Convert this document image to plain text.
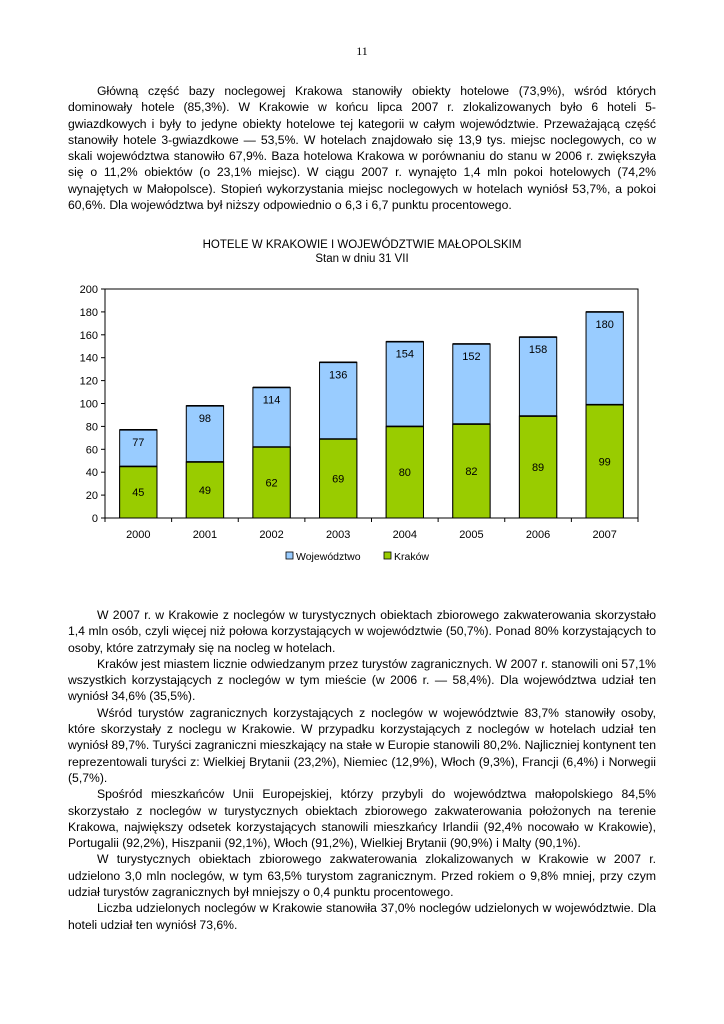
11

Główną część bazy noclegowej Krakowa stanowiły obiekty hotelowe (73,9%), wśród których dominowały hotele (85,3%). W Krakowie w końcu lipca 2007 r. zlokalizowanych było 6 hoteli 5-gwiazdkowych i były to jedyne obiekty hotelowe tej kategorii w całym województwie. Przeważającą część stanowiły hotele 3-gwiazdkowe — 53,5%. W hotelach znajdowało się 13,9 tys. miejsc noclegowych, co w skali województwa stanowiło 67,9%. Baza hotelowa Krakowa w porównaniu do stanu w 2006 r. zwiększyła się o 11,2% obiektów (o 23,1% miejsc). W ciągu 2007 r. wynajęto 1,4 mln pokoi hotelowych (74,2% wynajętych w Małopolsce). Stopień wykorzystania miejsc noclegowych w hotelach wyniósł 53,7%, a pokoi 60,6%. Dla województwa był niższy odpowiednio o 6,3 i 6,7 punktu procentowego.

HOTELE W KRAKOWIE I WOJEWÓDZTWIE MAŁOPOLSKIM
Stan w dniu 31 VII
0
20
40
60
80
100
120
140
160
180
200
77
45
2000
98
49
2001
114
62
2002
136
69
2003
154
80
2004
152
82
2005
158
89
2006
180
99
2007
Województwo	Kraków

W 2007 r. w Krakowie z noclegów w turystycznych obiektach zbiorowego zakwaterowania skorzystało 1,4 mln osób, czyli więcej niż połowa korzystających w województwie (50,7%). Ponad 80% korzystających to osoby, które zatrzymały się na nocleg w hotelach.

Kraków jest miastem licznie odwiedzanym przez turystów zagranicznych. W 2007 r. stanowili oni 57,1% wszystkich korzystających z noclegów w tym mieście (w 2006 r. — 58,4%). Dla województwa udział ten wyniósł 34,6% (35,5%).

Wśród turystów zagranicznych korzystających z noclegów w województwie 83,7% stanowiły osoby, które skorzystały z noclegu w Krakowie. W przypadku korzystających z noclegów w hotelach udział ten wyniósł 89,7%. Turyści zagraniczni mieszkający na stałe w Europie stanowili 80,2%. Najliczniej kontynent ten reprezentowali turyści z: Wielkiej Brytanii (23,2%), Niemiec (12,9%), Włoch (9,3%), Francji (6,4%) i Norwegii (5,7%).

Spośród mieszkańców Unii Europejskiej, którzy przybyli do województwa małopolskiego 84,5% skorzystało z noclegów w turystycznych obiektach zbiorowego zakwaterowania położonych na terenie Krakowa, największy odsetek korzystających stanowili mieszkańcy Irlandii (92,4% nocowało w Krakowie), Portugalii (92,2%), Hiszpanii (92,1%), Włoch (91,2%), Wielkiej Brytanii (90,9%) i Malty (90,1%).

W turystycznych obiektach zbiorowego zakwaterowania zlokalizowanych w Krakowie w 2007 r. udzielono 3,0 mln noclegów, w tym 63,5% turystom zagranicznym. Przed rokiem o 9,8% mniej, przy czym udział turystów zagranicznych był mniejszy o 0,4 punktu procentowego.

Liczba udzielonych noclegów w Krakowie stanowiła 37,0% noclegów udzielonych w województwie. Dla hoteli udział ten wyniósł 73,6%.
